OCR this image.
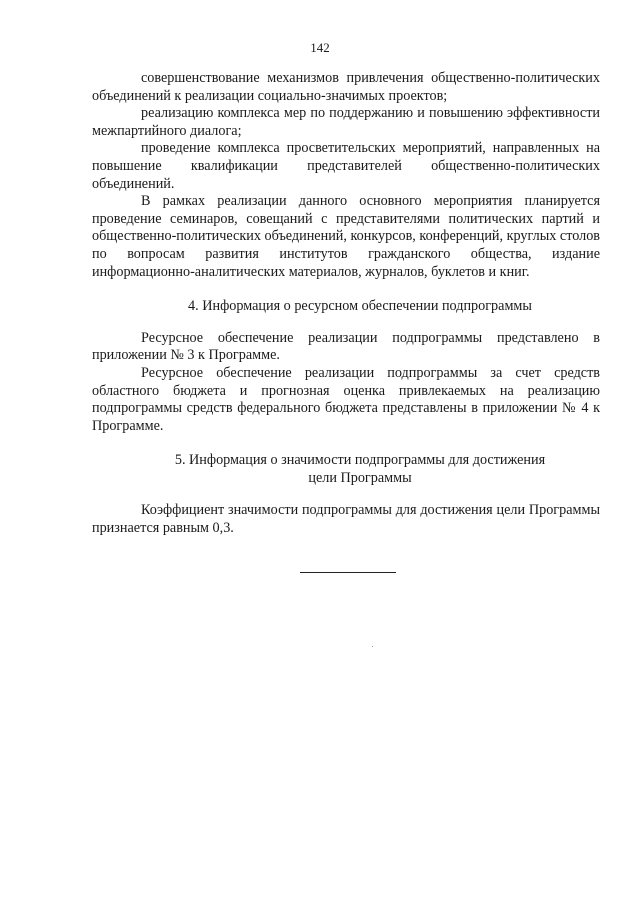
142

совершенствование механизмов привлечения общественно-политических объединений к реализации социально-значимых проектов;

реализацию комплекса мер по поддержанию и повышению эффективности межпартийного диалога;

проведение комплекса просветительских мероприятий, направленных на повышение квалификации представителей общественно-политических объединений.

В рамках реализации данного основного мероприятия планируется проведение семинаров, совещаний с представителями политических партий и общественно-политических объединений, конкурсов, конференций, круглых столов по вопросам развития институтов гражданского общества, издание информационно-аналитических материалов, журналов, буклетов и книг.

4. Информация о ресурсном обеспечении подпрограммы

Ресурсное обеспечение реализации подпрограммы представлено в приложении № 3 к Программе.

Ресурсное обеспечение реализации подпрограммы за счет средств областного бюджета и прогнозная оценка привлекаемых на реализацию подпрограммы средств федерального бюджета представлены в приложении № 4 к Программе.

5. Информация о значимости подпрограммы для достижения

цели Программы

Коэффициент значимости подпрограммы для достижения цели Программы признается равным 0,3.
